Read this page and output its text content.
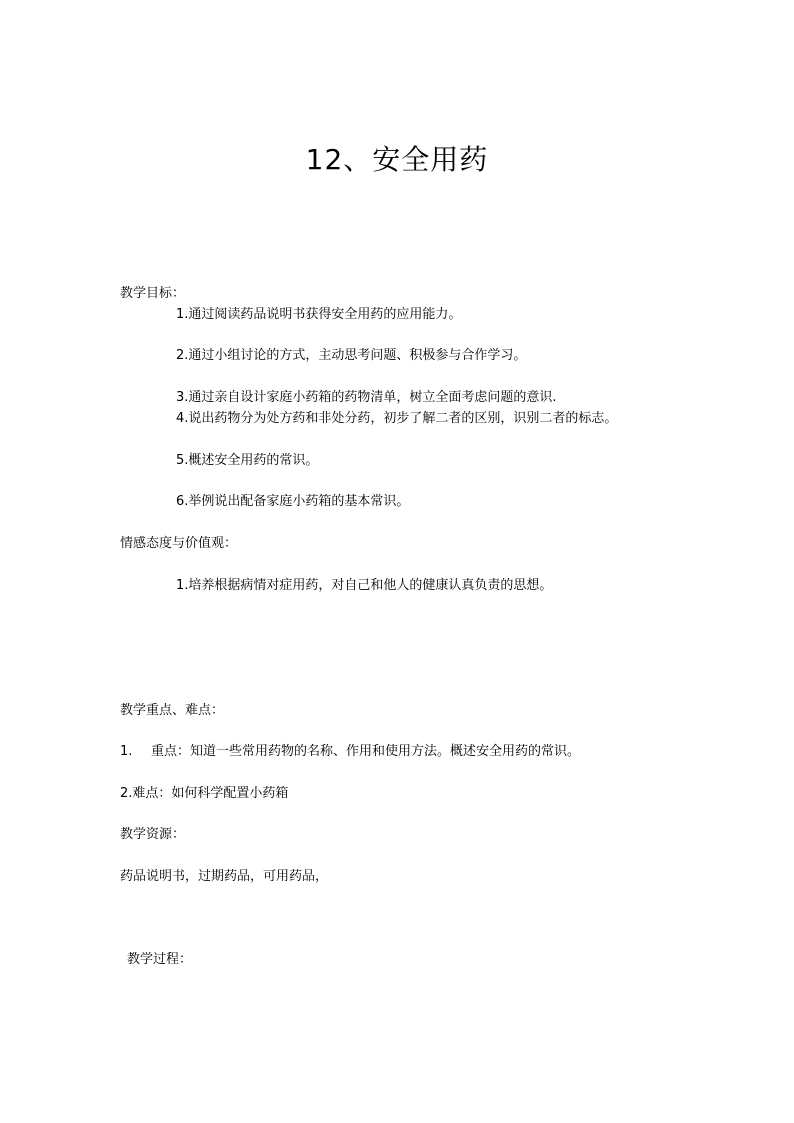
12、安全用药
教学目标：
1.通过阅读药品说明书获得安全用药的应用能力。
2.通过小组讨论的方式，主动思考问题、积极参与合作学习。
3.通过亲自设计家庭小药箱的药物清单，树立全面考虑问题的意识.
4.说出药物分为处方药和非处分药，初步了解二者的区别，识别二者的标志。
5.概述安全用药的常识。
6.举例说出配备家庭小药箱的基本常识。
情感态度与价值观：
1.培养根据病情对症用药，对自己和他人的健康认真负责的思想。
教学重点、难点：
1. 重点：知道一些常用药物的名称、作用和使用方法。概述安全用药的常识。
2.难点：如何科学配置小药箱
教学资源：
药品说明书，过期药品，可用药品，
教学过程：
